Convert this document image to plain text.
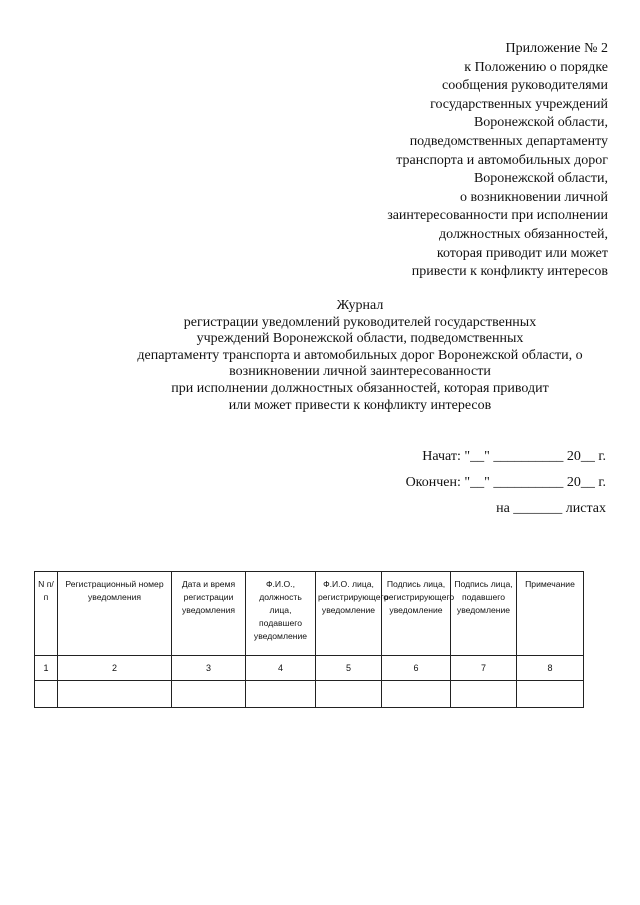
Приложение № 2
к Положению о порядке
сообщения руководителями
государственных учреждений
Воронежской области,
подведомственных департаменту
транспорта и автомобильных дорог
Воронежской области,
о возникновении личной
заинтересованности при исполнении
должностных обязанностей,
которая приводит или может
привести к конфликту интересов
Журнал
регистрации уведомлений руководителей государственных
учреждений Воронежской области, подведомственных
департаменту транспорта и автомобильных дорог Воронежской области, о
возникновении личной заинтересованности
при исполнении должностных обязанностей, которая приводит
или может привести к конфликту интересов
Начат: "__" __________ 20__ г.
Окончен: "__" __________ 20__ г.
на _______ листах
N п/п	Регистрационный номер уведомления	Дата и время регистрации уведомления	Ф.И.О., должность лица, подавшего уведомление	Ф.И.О. лица, регистрирующего уведомление	Подпись лица, регистрирующего уведомление	Подпись лица, подавшего уведомление	Примечание
1	2	3	4	5	6	7	8
